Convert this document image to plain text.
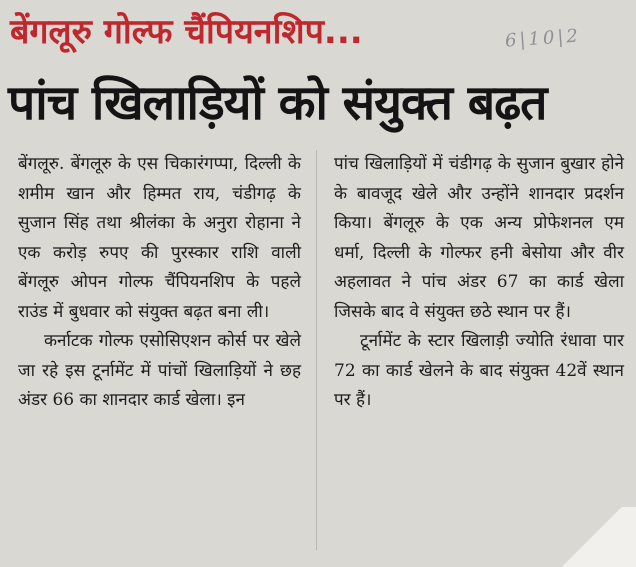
बेंगलूरु गोल्फ चैंपियनशिप...	6|10|2
पांच खिलाड़ियों को संयुक्त बढ़त

बेंगलूरु. बेंगलूरु के एस चिकारंगप्पा, दिल्ली के शमीम खान और हिम्मत राय, चंडीगढ़ के सुजान सिंह तथा श्रीलंका के अनुरा रोहाना ने एक करोड़ रुपए की पुरस्कार राशि वाली बेंगलूरु ओपन गोल्फ चैंपियनशिप के पहले राउंड में बुधवार को संयुक्त बढ़त बना ली।

कर्नाटक गोल्फ एसोसिएशन कोर्स पर खेले जा रहे इस टूर्नामेंट में पांचों खिलाड़ियों ने छह अंडर 66 का शानदार कार्ड खेला। इन

पांच खिलाड़ियों में चंडीगढ़ के सुजान बुखार होने के बावजूद खेले और उन्होंने शानदार प्रदर्शन किया। बेंगलूरु के एक अन्य प्रोफेशनल एम धर्मा, दिल्ली के गोल्फर हनी बेसोया और वीर अहलावत ने पांच अंडर 67 का कार्ड खेला जिसके बाद वे संयुक्त छठे स्थान पर हैं।

टूर्नामेंट के स्टार खिलाड़ी ज्योति रंधावा पार 72 का कार्ड खेलने के बाद संयुक्त 42वें स्थान पर हैं।
